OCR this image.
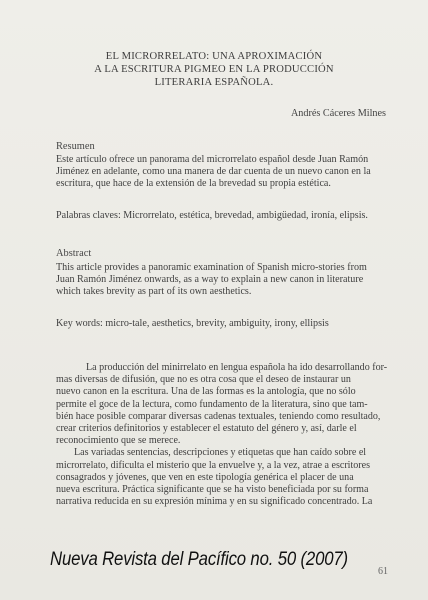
EL MICRORRELATO: UNA APROXIMACIÓN
A LA ESCRITURA PIGMEO EN LA PRODUCCIÓN
LITERARIA ESPAÑOLA.
Andrés Cáceres Milnes
Resumen
Este artículo ofrece un panorama del microrrelato español desde Juan Ramón
Jiménez en adelante, como una manera de dar cuenta de un nuevo canon en la
escritura, que hace de la extensión de la brevedad su propia estética.
Palabras claves: Microrrelato, estética, brevedad, ambigüedad, ironía, elipsis.
Abstract
This article provides a panoramic examination of Spanish micro-stories from
Juan Ramón Jiménez onwards, as a way to explain a new canon in literature
which takes brevity as part of its own aesthetics.
Key words: micro-tale, aesthetics, brevity, ambiguity, irony, ellipsis
La producción del minirrelato en lengua española ha ido desarrollando for-
mas diversas de difusión, que no es otra cosa que el deseo de instaurar un
nuevo canon en la escritura. Una de las formas es la antología, que no sólo
permite el goce de la lectura, como fundamento de la literatura, sino que tam-
bién hace posible comparar diversas cadenas textuales, teniendo como resultado,
crear criterios definitorios y establecer el estatuto del género y, así, darle el
reconocimiento que se merece.
Las variadas sentencias, descripciones y etiquetas que han caído sobre el
microrrelato, dificulta el misterio que la envuelve y, a la vez, atrae a escritores
consagrados y jóvenes, que ven en este tipología genérica el placer de una
nueva escritura. Práctica significante que se ha visto beneficiada por su forma
narrativa reducida en su expresión mínima y en su significado concentrado. La
Nueva Revista del Pacífico no. 50 (2007)
61
